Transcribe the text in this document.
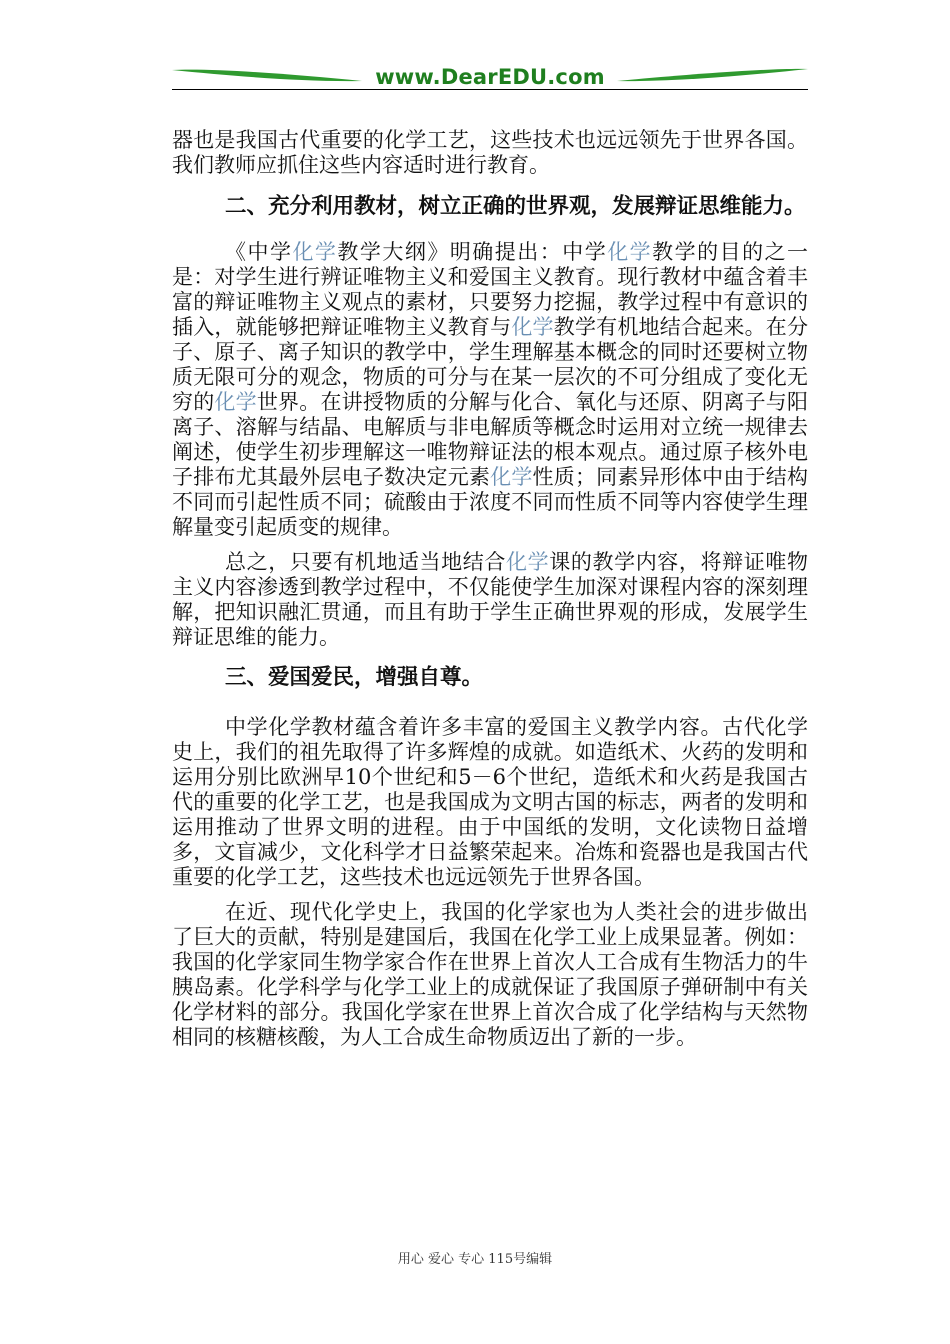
www.DearEDU.com

器也是我国古代重要的化学工艺，这些技术也远远领先于世界各国。我们教师应抓住这些内容适时进行教育。

二、充分利用教材，树立正确的世界观，发展辩证思维能力。

《中学化学教学大纲》明确提出：中学化学教学的目的之一是：对学生进行辨证唯物主义和爱国主义教育。现行教材中蕴含着丰富的辩证唯物主义观点的素材，只要努力挖掘，教学过程中有意识的插入，就能够把辩证唯物主义教育与化学教学有机地结合起来。在分子、原子、离子知识的教学中，学生理解基本概念的同时还要树立物质无限可分的观念，物质的可分与在某一层次的不可分组成了变化无穷的化学世界。在讲授物质的分解与化合、氧化与还原、阴离子与阳离子、溶解与结晶、电解质与非电解质等概念时运用对立统一规律去阐述，使学生初步理解这一唯物辩证法的根本观点。通过原子核外电子排布尤其最外层电子数决定元素化学性质；同素异形体中由于结构不同而引起性质不同；硫酸由于浓度不同而性质不同等内容使学生理解量变引起质变的规律。

总之，只要有机地适当地结合化学课的教学内容，将辩证唯物主义内容渗透到教学过程中，不仅能使学生加深对课程内容的深刻理解，把知识融汇贯通，而且有助于学生正确世界观的形成，发展学生辩证思维的能力。

三、爱国爱民，增强自尊。

中学化学教材蕴含着许多丰富的爱国主义教学内容。古代化学史上，我们的祖先取得了许多辉煌的成就。如造纸术、火药的发明和运用分别比欧洲早10个世纪和5－6个世纪，造纸术和火药是我国古代的重要的化学工艺，也是我国成为文明古国的标志，两者的发明和运用推动了世界文明的进程。由于中国纸的发明，文化读物日益增多，文盲减少，文化科学才日益繁荣起来。冶炼和瓷器也是我国古代重要的化学工艺，这些技术也远远领先于世界各国。

在近、现代化学史上，我国的化学家也为人类社会的进步做出了巨大的贡献，特别是建国后，我国在化学工业上成果显著。例如：我国的化学家同生物学家合作在世界上首次人工合成有生物活力的牛胰岛素。化学科学与化学工业上的成就保证了我国原子弹研制中有关化学材料的部分。我国化学家在世界上首次合成了化学结构与天然物相同的核糖核酸，为人工合成生命物质迈出了新的一步。

用心 爱心 专心 115号编辑
